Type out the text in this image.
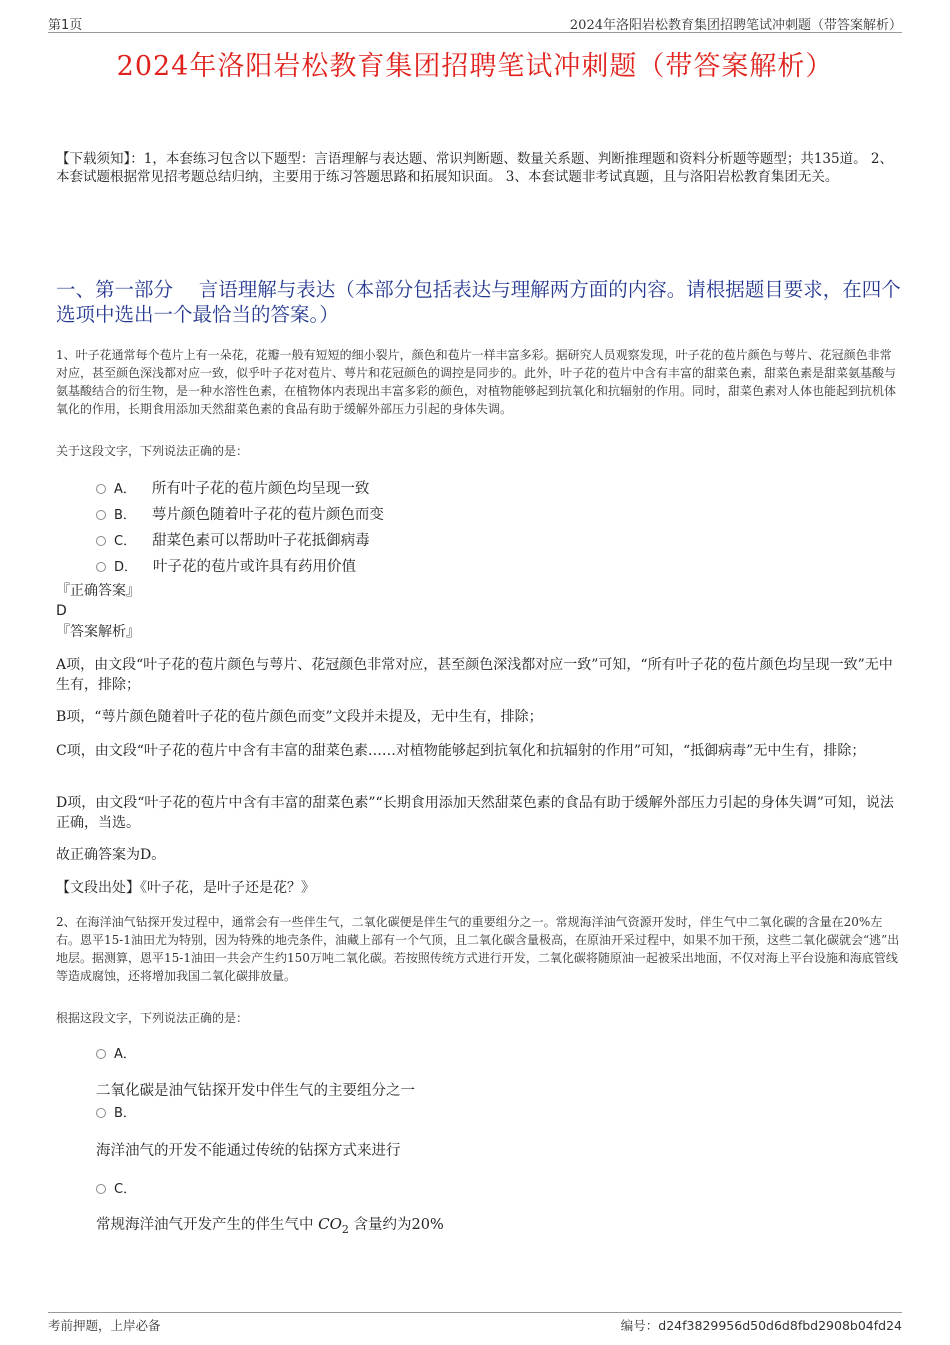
第1页	2024年洛阳岩松教育集团招聘笔试冲刺题（带答案解析）
2024年洛阳岩松教育集团招聘笔试冲刺题（带答案解析）
【下载须知】：1，本套练习包含以下题型：言语理解与表达题、常识判断题、数量关系题、判断推理题和资料分析题等题型；共135道。 2、本套试题根据常见招考题总结归纳，主要用于练习答题思路和拓展知识面。 3、本套试题非考试真题，且与洛阳岩松教育集团无关。
一、第一部分　 言语理解与表达（本部分包括表达与理解两方面的内容。请根据题目要求，在四个选项中选出一个最恰当的答案。）
1、叶子花通常每个苞片上有一朵花，花瓣一般有短短的细小裂片，颜色和苞片一样丰富多彩。据研究人员观察发现，叶子花的苞片颜色与萼片、花冠颜色非常对应，甚至颜色深浅都对应一致，似乎叶子花对苞片、萼片和花冠颜色的调控是同步的。此外，叶子花的苞片中含有丰富的甜菜色素，甜菜色素是甜菜氨基酸与氨基酸结合的衍生物，是一种水溶性色素，在植物体内表现出丰富多彩的颜色，对植物能够起到抗氧化和抗辐射的作用。同时，甜菜色素对人体也能起到抗机体氧化的作用，长期食用添加天然甜菜色素的食品有助于缓解外部压力引起的身体失调。
关于这段文字，下列说法正确的是：
A． 所有叶子花的苞片颜色均呈现一致
B． 萼片颜色随着叶子花的苞片颜色而变
C． 甜菜色素可以帮助叶子花抵御病毒
D． 叶子花的苞片或许具有药用价值
『正确答案』
D
『答案解析』
A项，由文段“叶子花的苞片颜色与萼片、花冠颜色非常对应，甚至颜色深浅都对应一致”可知，“所有叶子花的苞片颜色均呈现一致”无中生有，排除；
B项，“萼片颜色随着叶子花的苞片颜色而变”文段并未提及，无中生有，排除；
C项，由文段“叶子花的苞片中含有丰富的甜菜色素……对植物能够起到抗氧化和抗辐射的作用”可知，“抵御病毒”无中生有，排除；
D项，由文段“叶子花的苞片中含有丰富的甜菜色素”“长期食用添加天然甜菜色素的食品有助于缓解外部压力引起的身体失调”可知，说法正确，当选。
故正确答案为D。
【文段出处】《叶子花，是叶子还是花？》
2、在海洋油气钻探开发过程中，通常会有一些伴生气，二氧化碳便是伴生气的重要组分之一。常规海洋油气资源开发时，伴生气中二氧化碳的含量在20%左右。恩平15-1油田尤为特别，因为特殊的地壳条件，油藏上部有一个气顶，且二氧化碳含量极高，在原油开采过程中，如果不加干预，这些二氧化碳就会“逃”出地层。据测算，恩平15-1油田一共会产生约150万吨二氧化碳。若按照传统方式进行开发，二氧化碳将随原油一起被采出地面，不仅对海上平台设施和海底管线等造成腐蚀，还将增加我国二氧化碳排放量。
根据这段文字，下列说法正确的是：
A．
二氧化碳是油气钻探开发中伴生气的主要组分之一
B．
海洋油气的开发不能通过传统的钻探方式来进行
C．
常规海洋油气开发产生的伴生气中 $CO_2$ 含量约为20%
考前押题，上岸必备	编号：d24f3829956d50d6d8fbd2908b04fd24
